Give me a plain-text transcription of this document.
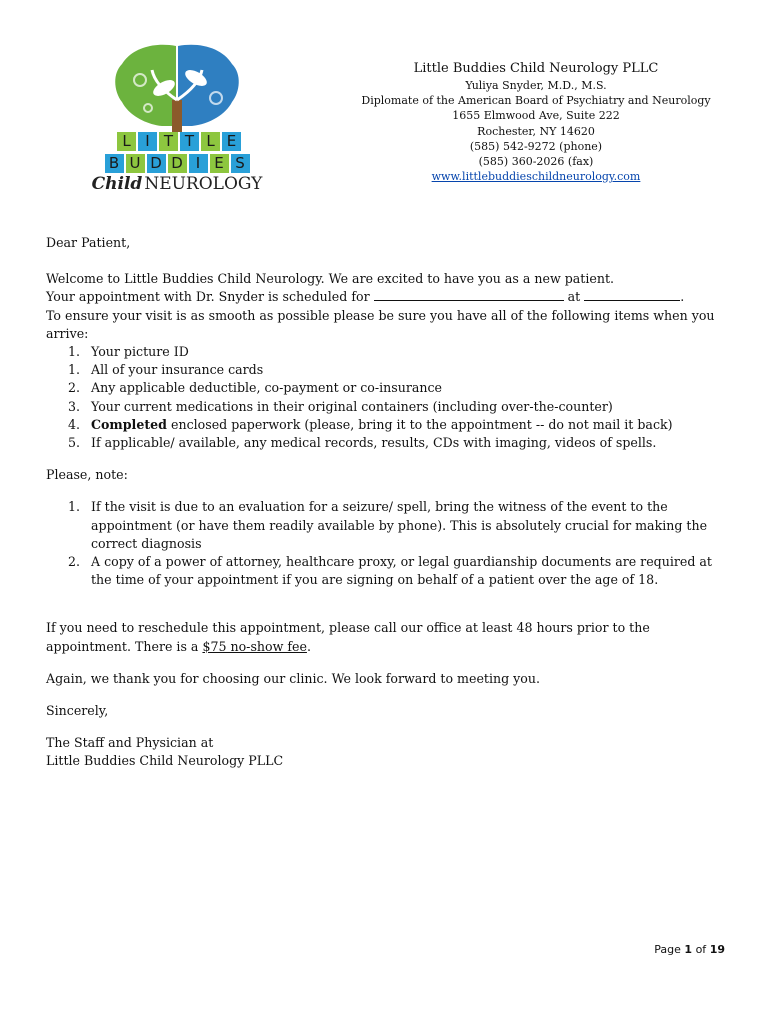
L I T T L E
B U D D I E S
Child NEUROLOGY
Little Buddies Child Neurology PLLC
Yuliya Snyder, M.D., M.S.
Diplomate of the American Board of Psychiatry and Neurology
1655 Elmwood Ave, Suite 222
Rochester, NY 14620
(585) 542-9272 (phone)
(585) 360-2026 (fax)
www.littlebuddieschildneurology.com

Dear Patient,

Welcome to Little Buddies Child Neurology. We are excited to have you as a new patient.

Your appointment with Dr. Snyder is scheduled for	at	.

To ensure your visit is as smooth as possible please be sure you have all of the following items when you arrive:

1. Your picture ID
1. All of your insurance cards
2. Any applicable deductible, co-payment or co-insurance
3. Your current medications in their original containers (including over-the-counter)
4. Completed enclosed paperwork (please, bring it to the appointment -- do not mail it back)
5. If applicable/ available, any medical records, results, CDs with imaging, videos of spells.

Please, note:

1. If the visit is due to an evaluation for a seizure/ spell, bring the witness of the event to the appointment (or have them readily available by phone). This is absolutely crucial for making the correct diagnosis
2. A copy of a power of attorney, healthcare proxy, or legal guardianship documents are required at the time of your appointment if you are signing on behalf of a patient over the age of 18.

If you need to reschedule this appointment, please call our office at least 48 hours prior to the appointment. There is a $75 no-show fee.

Again, we thank you for choosing our clinic. We look forward to meeting you.

Sincerely,

The Staff and Physician at

Little Buddies Child Neurology PLLC

Page 1 of 19
